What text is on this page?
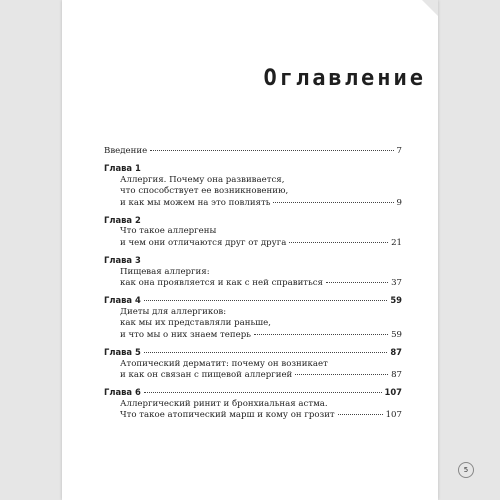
Оглавление
Введение	7
Глава 1
Аллергия. Почему она развивается,
что способствует ее возникновению,
и как мы можем на это повлиять	9
Глава 2
Что такое аллергены
и чем они отличаются друг от друга	21
Глава 3
Пищевая аллергия:
как она проявляется и как с ней справиться	37
Глава 4	59
Диеты для аллергиков:
как мы их представляли раньше,
и что мы о них знаем теперь	59
Глава 5	87
Атопический дерматит: почему он возникает
и как он связан с пищевой аллергией	87
Глава 6	107
Аллергический ринит и бронхиальная астма.
Что такое атопический марш и кому он грозит	107
5
